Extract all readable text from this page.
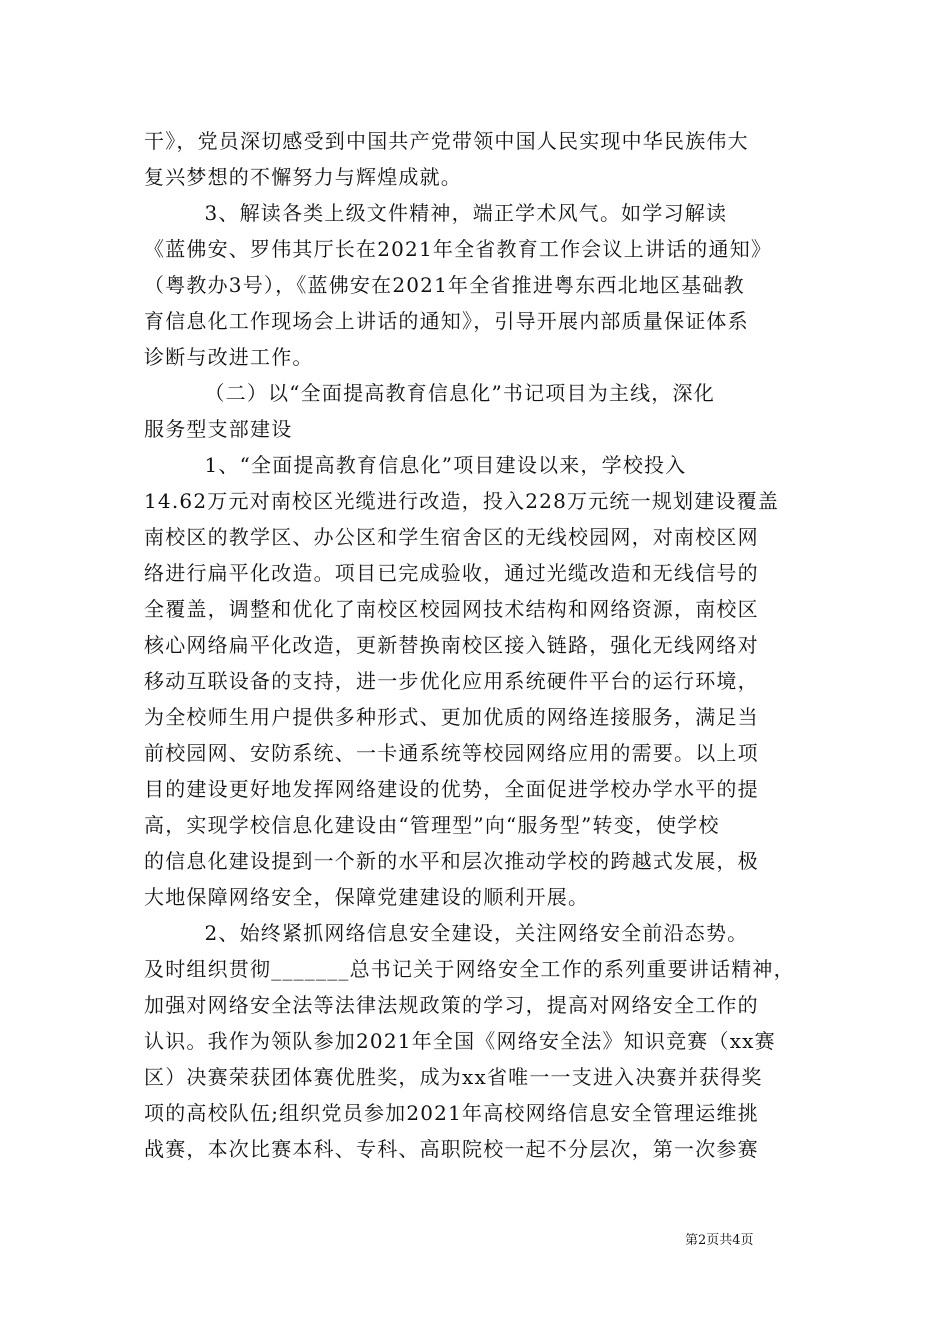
干》，党员深切感受到中国共产党带领中国人民实现中华民族伟大
复兴梦想的不懈努力与辉煌成就。
3、解读各类上级文件精神，端正学术风气。如学习解读
《蓝佛安、罗伟其厅长在2021年全省教育工作会议上讲话的通知》
（粤教办3号），《蓝佛安在2021年全省推进粤东西北地区基础教
育信息化工作现场会上讲话的通知》，引导开展内部质量保证体系
诊断与改进工作。
（二）以“全面提高教育信息化”书记项目为主线，深化
服务型支部建设
1、“全面提高教育信息化”项目建设以来，学校投入
14.62万元对南校区光缆进行改造，投入228万元统一规划建设覆盖
南校区的教学区、办公区和学生宿舍区的无线校园网，对南校区网
络进行扁平化改造。项目已完成验收，通过光缆改造和无线信号的
全覆盖，调整和优化了南校区校园网技术结构和网络资源，南校区
核心网络扁平化改造，更新替换南校区接入链路，强化无线网络对
移动互联设备的支持，进一步优化应用系统硬件平台的运行环境，
为全校师生用户提供多种形式、更加优质的网络连接服务，满足当
前校园网、安防系统、一卡通系统等校园网络应用的需要。以上项
目的建设更好地发挥网络建设的优势，全面促进学校办学水平的提
高，实现学校信息化建设由“管理型”向“服务型”转变，使学校
的信息化建设提到一个新的水平和层次推动学校的跨越式发展，极
大地保障网络安全，保障党建建设的顺利开展。
2、始终紧抓网络信息安全建设，关注网络安全前沿态势。
及时组织贯彻_______总书记关于网络安全工作的系列重要讲话精神，
加强对网络安全法等法律法规政策的学习，提高对网络安全工作的
认识。我作为领队参加2021年全国《网络安全法》知识竞赛（xx赛
区）决赛荣获团体赛优胜奖，成为xx省唯一一支进入决赛并获得奖
项的高校队伍;组织党员参加2021年高校网络信息安全管理运维挑
战赛，本次比赛本科、专科、高职院校一起不分层次，第一次参赛
第2页共4页
